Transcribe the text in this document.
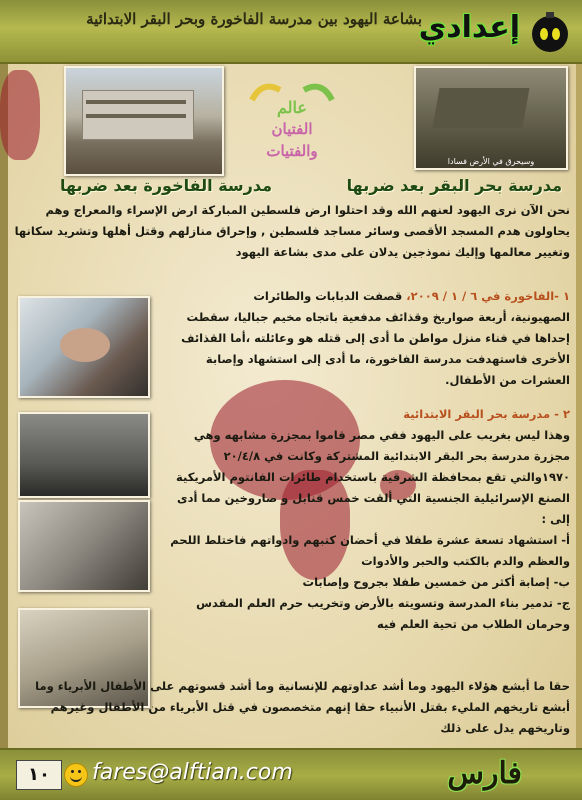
بشاعة اليهود بين مدرسة الفاخورة وبحر البقر الابتدائية
إعدادي
وسيحرق في الأرض فسادا
عالم
الفتيان
والفتيات
مدرسة الفاخورة بعد ضربها	مدرسة بحر البقر بعد ضربها
نحن الآن نرى اليهود لعنهم الله وقد احتلوا ارض فلسطين المباركة ارض الإسراء والمعراج وهم يحاولون هدم المسجد الأقصى وسائر مساجد فلسطين , وإحراق منازلهم وقتل أهلها وتشريد سكانها وتغيير معالمها وإليك نموذجين يدلان على مدى بشاعة اليهود
١ -الفاخورة في ٦ / ١ / ٢٠٠٩، قصفت الدبابات والطائرات
الصهيونية، أربعة صواريخ وقذائف مدفعية باتجاه مخيم جباليا، سقطت إحداها في فناء منزل مواطن ما أدى إلى قتله هو وعائلته ،أما القذائف الأخرى فاستهدفت مدرسة الفاخورة، ما أدى إلى استشهاد وإصابة العشرات من الأطفال.
٢ - مدرسة بحر البقر الابتدائية
وهذا ليس بغريب على اليهود ففي مصر قاموا بمجزرة مشابهه وهي مجزرة مدرسة بحر البقر الابتدائية المشتركة وكانت في ٢٠/٤/٨ ١٩٧٠والتي تقع بمحافظة الشرقية باستخدام طائرات الفانتوم الأمريكية الصنع الإسرائيلية الجنسية التي ألقت خمس قنابل و صاروخين مما أدى إلى :
أ- استشهاد تسعة عشرة طفلا في أحضان كتبهم وادواتهم فاختلط اللحم والعظم والدم بالكتب والحبر والأدوات
ب- إصابة أكثر من خمسين طفلا بجروح وإصابات
ج- تدمير بناء المدرسة وتسويته بالأرض وتخريب حرم العلم المقدس وحرمان الطلاب من تحية العلم فيه
حقا ما أبشع هؤلاء اليهود وما أشد عداوتهم للإنسانية وما أشد قسوتهم على الأطفال الأبرياء وما أبشع تاريخهم المليء بقتل الأنبياء حقا إنهم متخصصون في قتل الأبرياء من الأطفال وغيرهم وتاريخهم يدل على ذلك
١٠	fares@alftian.com	فارس
